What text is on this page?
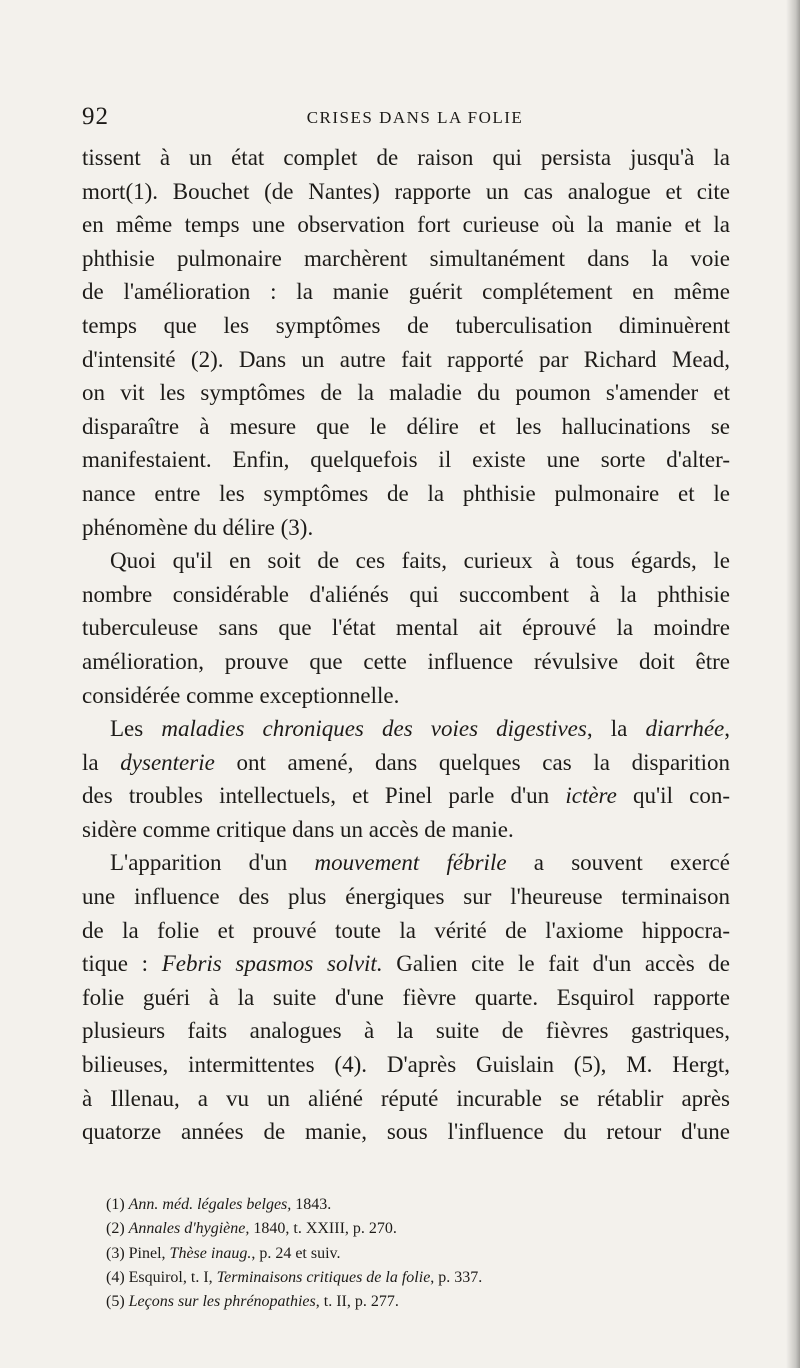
92	CRISES DANS LA FOLIE
tissent à un état complet de raison qui persista jusqu'à la
mort(1). Bouchet (de Nantes) rapporte un cas analogue et cite
en même temps une observation fort curieuse où la manie et la
phthisie pulmonaire marchèrent simultanément dans la voie
de l'amélioration : la manie guérit complétement en même
temps que les symptômes de tuberculisation diminuèrent
d'intensité (2). Dans un autre fait rapporté par Richard Mead,
on vit les symptômes de la maladie du poumon s'amender et
disparaître à mesure que le délire et les hallucinations se
manifestaient. Enfin, quelquefois il existe une sorte d'alter-
nance entre les symptômes de la phthisie pulmonaire et le
phénomène du délire (3).
Quoi qu'il en soit de ces faits, curieux à tous égards, le
nombre considérable d'aliénés qui succombent à la phthisie
tuberculeuse sans que l'état mental ait éprouvé la moindre
amélioration, prouve que cette influence révulsive doit être
considérée comme exceptionnelle.
Les maladies chroniques des voies digestives, la diarrhée,
la dysenterie ont amené, dans quelques cas la disparition
des troubles intellectuels, et Pinel parle d'un ictère qu'il con-
sidère comme critique dans un accès de manie.
L'apparition d'un mouvement fébrile a souvent exercé
une influence des plus énergiques sur l'heureuse terminaison
de la folie et prouvé toute la vérité de l'axiome hippocra-
tique : Febris spasmos solvit. Galien cite le fait d'un accès de
folie guéri à la suite d'une fièvre quarte. Esquirol rapporte
plusieurs faits analogues à la suite de fièvres gastriques,
bilieuses, intermittentes (4). D'après Guislain (5), M. Hergt,
à Illenau, a vu un aliéné réputé incurable se rétablir après
quatorze années de manie, sous l'influence du retour d'une
(1) Ann. méd. légales belges, 1843.
(2) Annales d'hygiène, 1840, t. XXIII, p. 270.
(3) Pinel, Thèse inaug., p. 24 et suiv.
(4) Esquirol, t. I, Terminaisons critiques de la folie, p. 337.
(5) Leçons sur les phrénopathies, t. II, p. 277.
